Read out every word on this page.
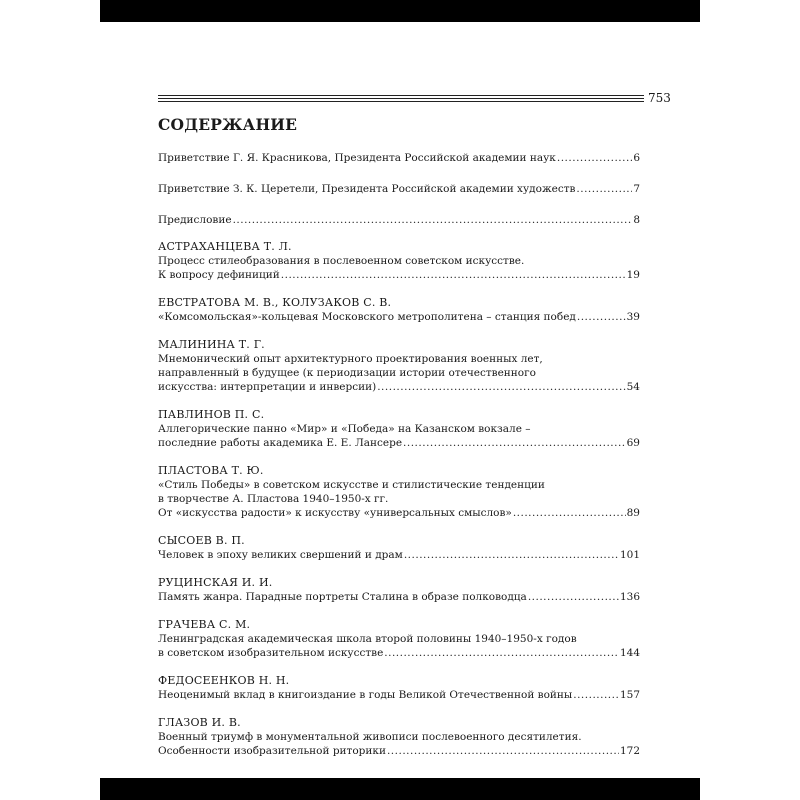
753
СОДЕРЖАНИЕ
Приветствие Г. Я. Красникова, Президента Российской академии наук .....	6
Приветствие З. К. Церетели, Президента Российской академии художеств .....	7
Предисловие .....	8
АСТРАХАНЦЕВА Т. Л.
Процесс стилеобразования в послевоенном советском искусстве.
К вопросу дефиниций .....	19
ЕВСТРАТОВА М. В., КОЛУЗАКОВ С. В.
«Комсомольская»-кольцевая Московского метрополитена – станция побед .....	39
МАЛИНИНА Т. Г.
Мнемонический опыт архитектурного проектирования военных лет,
направленный в будущее (к периодизации истории отечественного
искусства: интерпретации и инверсии) .....	54
ПАВЛИНОВ П. С.
Аллегорические панно «Мир» и «Победа» на Казанском вокзале –
последние работы академика Е. Е. Лансере .....	69
ПЛАСТОВА Т. Ю.
«Стиль Победы» в советском искусстве и стилистические тенденции
в творчестве А. Пластова 1940–1950-х гг.
От «искусства радости» к искусству «универсальных смыслов» .....	89
СЫСОЕВ В. П.
Человек в эпоху великих свершений и драм .....	101
РУЦИНСКАЯ И. И.
Память жанра. Парадные портреты Сталина в образе полководца .....	136
ГРАЧЕВА С. М.
Ленинградская академическая школа второй половины 1940–1950-х годов
в советском изобразительном искусстве .....	144
ФЕДОСЕЕНКОВ Н. Н.
Неоценимый вклад в книгоиздание в годы Великой Отечественной войны .....	157
ГЛАЗОВ И. В.
Военный триумф в монументальной живописи послевоенного десятилетия.
Особенности изобразительной риторики .....	172
